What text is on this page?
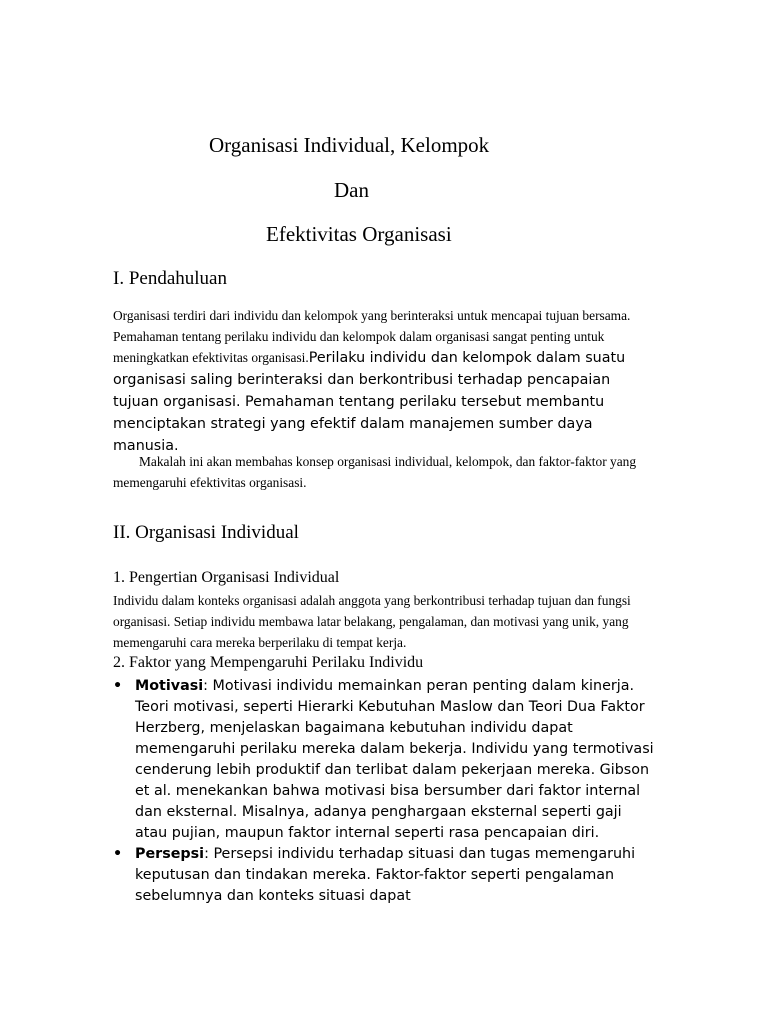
Organisasi Individual, Kelompok
Dan
Efektivitas Organisasi
I. Pendahuluan

Organisasi terdiri dari individu dan kelompok yang berinteraksi untuk mencapai tujuan bersama. Pemahaman tentang perilaku individu dan kelompok dalam organisasi sangat penting untuk meningkatkan efektivitas organisasi.Perilaku individu dan kelompok dalam suatu organisasi saling berinteraksi dan berkontribusi terhadap pencapaian tujuan organisasi. Pemahaman tentang perilaku tersebut membantu menciptakan strategi yang efektif dalam manajemen sumber daya manusia.

Makalah ini akan membahas konsep organisasi individual, kelompok, dan faktor-faktor yang memengaruhi efektivitas organisasi.

II. Organisasi Individual
1. Pengertian Organisasi Individual

Individu dalam konteks organisasi adalah anggota yang berkontribusi terhadap tujuan dan fungsi organisasi. Setiap individu membawa latar belakang, pengalaman, dan motivasi yang unik, yang memengaruhi cara mereka berperilaku di tempat kerja.

2. Faktor yang Mempengaruhi Perilaku Individu
• Motivasi: Motivasi individu memainkan peran penting dalam kinerja. Teori motivasi, seperti Hierarki Kebutuhan Maslow dan Teori Dua Faktor Herzberg, menjelaskan bagaimana kebutuhan individu dapat memengaruhi perilaku mereka dalam bekerja. Individu yang termotivasi cenderung lebih produktif dan terlibat dalam pekerjaan mereka. Gibson et al. menekankan bahwa motivasi bisa bersumber dari faktor internal dan eksternal. Misalnya, adanya penghargaan eksternal seperti gaji atau pujian, maupun faktor internal seperti rasa pencapaian diri.
• Persepsi: Persepsi individu terhadap situasi dan tugas memengaruhi keputusan dan tindakan mereka. Faktor-faktor seperti pengalaman sebelumnya dan konteks situasi dapat
